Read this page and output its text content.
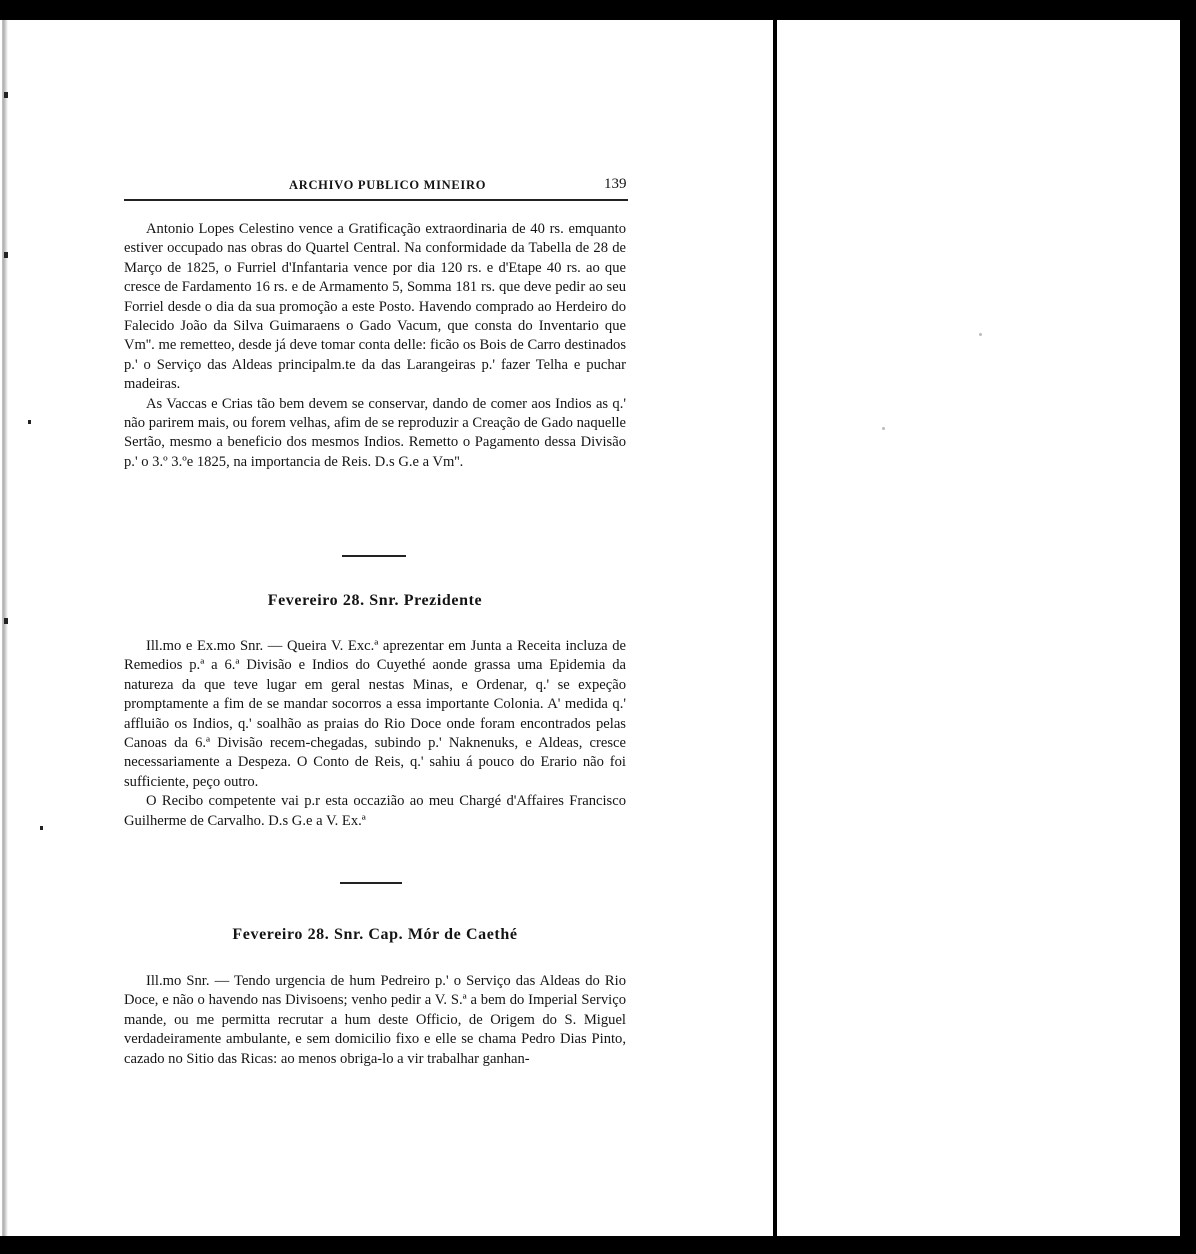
ARCHIVO PUBLICO MINEIRO	139

Antonio Lopes Celestino vence a Gratificação extraordinaria de 40 rs. emquanto estiver occupado nas obras do Quartel Central. Na conformidade da Tabella de 28 de Março de 1825, o Furriel d'Infantaria vence por dia 120 rs. e d'Etape 40 rs. ao que cresce de Fardamento 16 rs. e de Armamento 5, Somma 181 rs. que deve pedir ao seu Forriel desde o dia da sua promoção a este Posto. Havendo comprado ao Herdeiro do Falecido João da Silva Guimaraens o Gado Vacum, que consta do Inventario que Vm''. me remetteo, desde já deve tomar conta delle: ficão os Bois de Carro destinados p.' o Serviço das Aldeas principalm.te da das Larangeiras p.' fazer Telha e puchar madeiras.

As Vaccas e Crias tão bem devem se conservar, dando de comer aos Indios as q.' não parirem mais, ou forem velhas, afim de se reproduzir a Creação de Gado naquelle Sertão, mesmo a beneficio dos mesmos Indios. Remetto o Pagamento dessa Divisão p.' o 3.º 3.ºe 1825, na importancia de Reis. D.s G.e a Vm''.

Fevereiro 28. Snr. Prezidente

Ill.mo e Ex.mo Snr. — Queira V. Exc.ª aprezentar em Junta a Receita incluza de Remedios p.ª a 6.ª Divisão e Indios do Cuyethé aonde grassa uma Epidemia da natureza da que teve lugar em geral nestas Minas, e Ordenar, q.' se expeção promptamente a fim de se mandar socorros a essa importante Colonia. A' medida q.' affluião os Indios, q.' soalhão as praias do Rio Doce onde foram encontrados pelas Canoas da 6.ª Divisão recem-chegadas, subindo p.' Naknenuks, e Aldeas, cresce necessariamente a Despeza. O Conto de Reis, q.' sahiu á pouco do Erario não foi sufficiente, peço outro.

O Recibo competente vai p.r esta occazião ao meu Chargé d'Affaires Francisco Guilherme de Carvalho. D.s G.e a V. Ex.ª

Fevereiro 28. Snr. Cap. Mór de Caethé

Ill.mo Snr. — Tendo urgencia de hum Pedreiro p.' o Serviço das Aldeas do Rio Doce, e não o havendo nas Divisoens; venho pedir a V. S.ª a bem do Imperial Serviço mande, ou me permitta recrutar a hum deste Officio, de Origem do S. Miguel verdadeiramente ambulante, e sem domicilio fixo e elle se chama Pedro Dias Pinto, cazado no Sitio das Ricas: ao menos obriga-lo a vir trabalhar ganhan-
